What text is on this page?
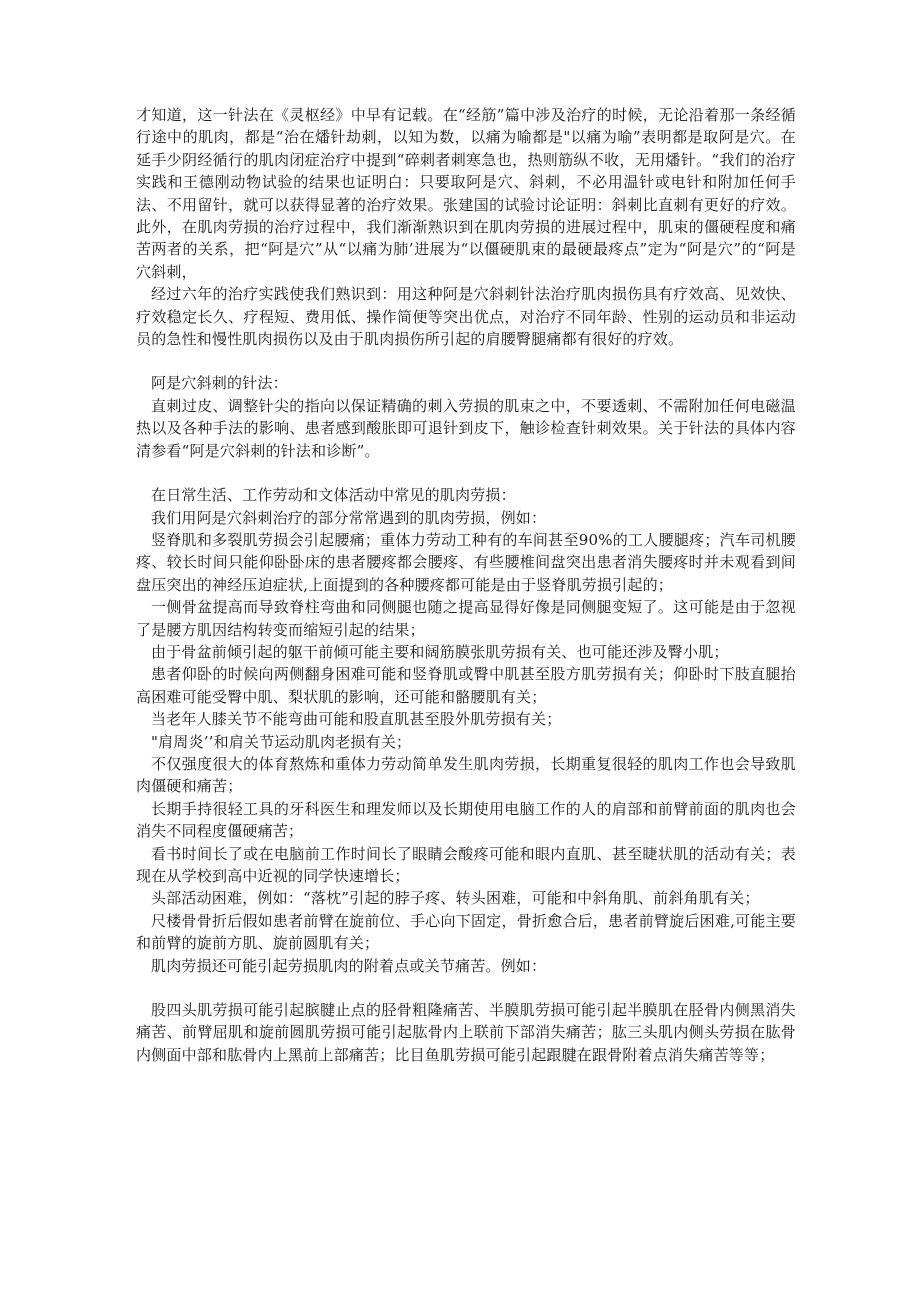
才知道，这一针法在《灵枢经》中早有记载。在“经筋”篇中涉及治疗的时候，无论沿着那一条经循行途中的肌肉，都是“治在燔针劫刺，以知为数，以痛为喻都是"以痛为喻”表明都是取阿是穴。在延手少阴经循行的肌肉闭症治疗中提到“碎刺者刺寒急也，热则筋纵不收，无用燔针。“我们的治疗实践和王德刚动物试验的结果也证明白：只要取阿是穴、斜刺，不必用温针或电针和附加任何手法、不用留针，就可以获得显著的治疗效果。张建国的试验讨论证明：斜刺比直刺有更好的疗效。此外，在肌肉劳损的治疗过程中，我们渐渐熟识到在肌肉劳损的进展过程中，肌束的僵硬程度和痛苦两者的关系，把“阿是穴”从“以痛为肺’进展为“以僵硬肌束的最硬最疼点”定为“阿是穴”的“阿是穴斜刺，

经过六年的治疗实践使我们熟识到：用这种阿是穴斜刺针法治疗肌肉损伤具有疗效高、见效快、疗效稳定长久、疗程短、费用低、操作简便等突出优点，对治疗不同年龄、性别的运动员和非运动员的急性和慢性肌肉损伤以及由于肌肉损伤所引起的肩腰臀腿痛都有很好的疗效。

阿是穴斜刺的针法：

直刺过皮、调整针尖的指向以保证精确的刺入劳损的肌束之中，不要透刺、不需附加任何电磁温热以及各种手法的影响、患者感到酸胀即可退针到皮下，触诊检查针刺效果。关于针法的具体内容清参看“阿是穴斜刺的针法和诊断”。

在日常生活、工作劳动和文体活动中常见的肌肉劳损：

我们用阿是穴斜刺治疗的部分常常遇到的肌肉劳损，例如：

竖脊肌和多裂肌劳损会引起腰痛；重体力劳动工种有的车间甚至90%的工人腰腿疼；汽车司机腰疼、较长时间只能仰卧卧床的患者腰疼都会腰疼、有些腰椎间盘突出患者消失腰疼时并未观看到间盘压突出的神经压迫症状,上面提到的各种腰疼都可能是由于竖脊肌劳损引起的；

一侧骨盆提高而导致脊柱弯曲和同侧腿也随之提高显得好像是同侧腿变短了。这可能是由于忽视了是腰方肌因结构转变而缩短引起的结果；

由于骨盆前倾引起的躯干前倾可能主要和阔筋膜张肌劳损有关、也可能还涉及臀小肌；

患者仰卧的时候向两侧翻身困难可能和竖脊肌或臀中肌甚至股方肌劳损有关；仰卧时下肢直腿抬高困难可能受臀中肌、梨状肌的影响，还可能和骼腰肌有关；

当老年人膝关节不能弯曲可能和股直肌甚至股外肌劳损有关；

"肩周炎’’和肩关节运动肌肉老损有关；

不仅强度很大的体育熬炼和重体力劳动简单发生肌肉劳损，长期重复很轻的肌肉工作也会导致肌肉僵硬和痛苦；

长期手持很轻工具的牙科医生和理发师以及长期使用电脑工作的人的肩部和前臂前面的肌肉也会消失不同程度僵硬痛苦；

看书时间长了或在电脑前工作时间长了眼睛会酸疼可能和眼内直肌、甚至睫状肌的活动有关；表现在从学校到高中近视的同学快速增长；

头部活动困难，例如：“落枕”引起的脖子疼、转头困难，可能和中斜角肌、前斜角肌有关；

尺楼骨骨折后假如患者前臂在旋前位、手心向下固定，骨折愈合后，患者前臂旋后困难,可能主要和前臂的旋前方肌、旋前圆肌有关；

肌肉劳损还可能引起劳损肌肉的附着点或关节痛苦。例如：

股四头肌劳损可能引起膑腱止点的胫骨粗隆痛苦、半膜肌劳损可能引起半膜肌在胫骨内侧黑消失痛苦、前臂屈肌和旋前圆肌劳损可能引起肱骨内上联前下部消失痛苦；肱三头肌内侧头劳损在肱骨内侧面中部和肱骨内上黑前上部痛苦；比目鱼肌劳损可能引起跟腱在跟骨附着点消失痛苦等等；
